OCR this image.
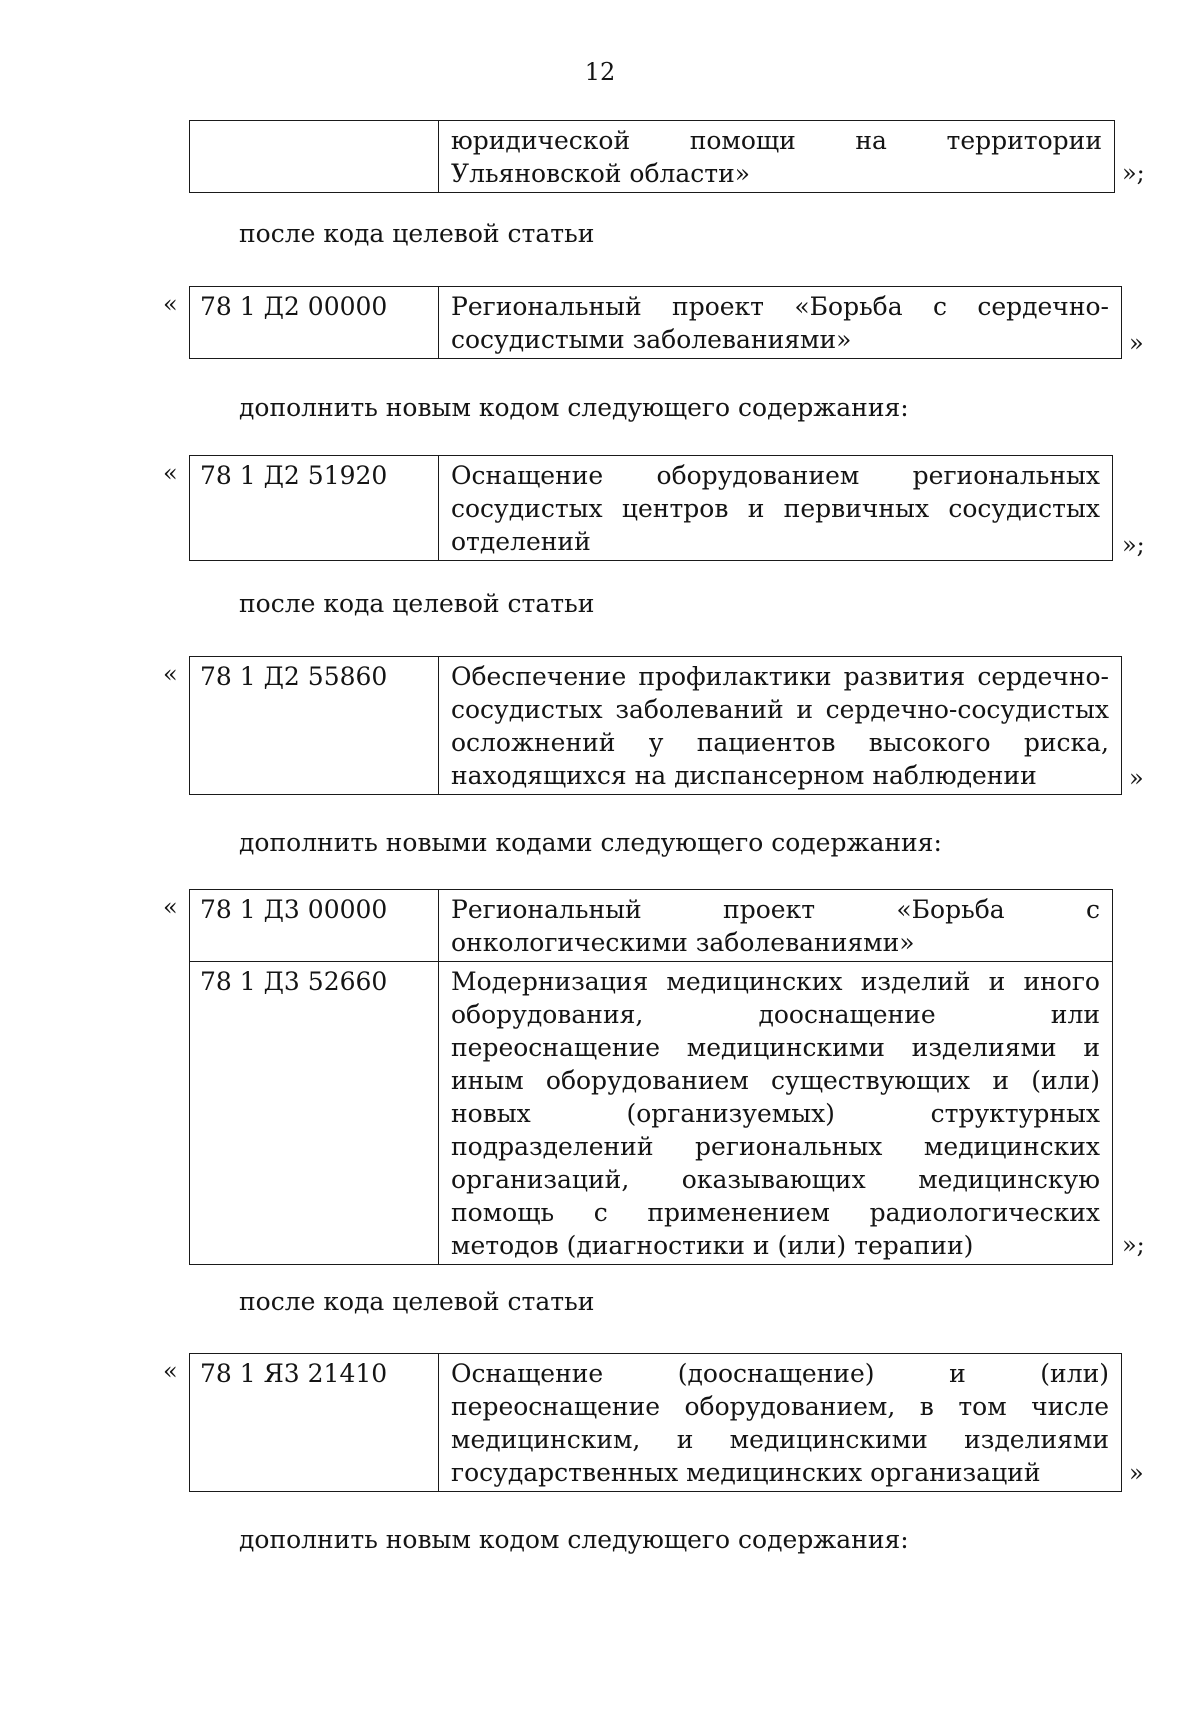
12
	юридической помощи на территории Ульяновской области»	»;
после кода целевой статьи
« 78 1 Д2 00000	Региональный проект «Борьба с сердечно-сосудистыми заболеваниями»	»
дополнить новым кодом следующего содержания:
« 78 1 Д2 51920	Оснащение оборудованием региональных сосудистых центров и первичных сосудистых отделений	»;
после кода целевой статьи
« 78 1 Д2 55860	Обеспечение профилактики развития сердечно-сосудистых заболеваний и сердечно-сосудистых осложнений у пациентов высокого риска, находящихся на диспансерном наблюдении	»
дополнить новыми кодами следующего содержания:
« 78 1 Д3 00000	Региональный проект «Борьба с онкологическими заболеваниями»
78 1 Д3 52660	Модернизация медицинских изделий и иного оборудования, дооснащение или переоснащение медицинскими изделиями и иным оборудованием существующих и (или) новых (организуемых) структурных подразделений региональных медицинских организаций, оказывающих медицинскую помощь с применением радиологических методов (диагностики и (или) терапии)	»;
после кода целевой статьи
« 78 1 Я3 21410	Оснащение (дооснащение) и (или) переоснащение оборудованием, в том числе медицинским, и медицинскими изделиями государственных медицинских организаций	»
дополнить новым кодом следующего содержания:
